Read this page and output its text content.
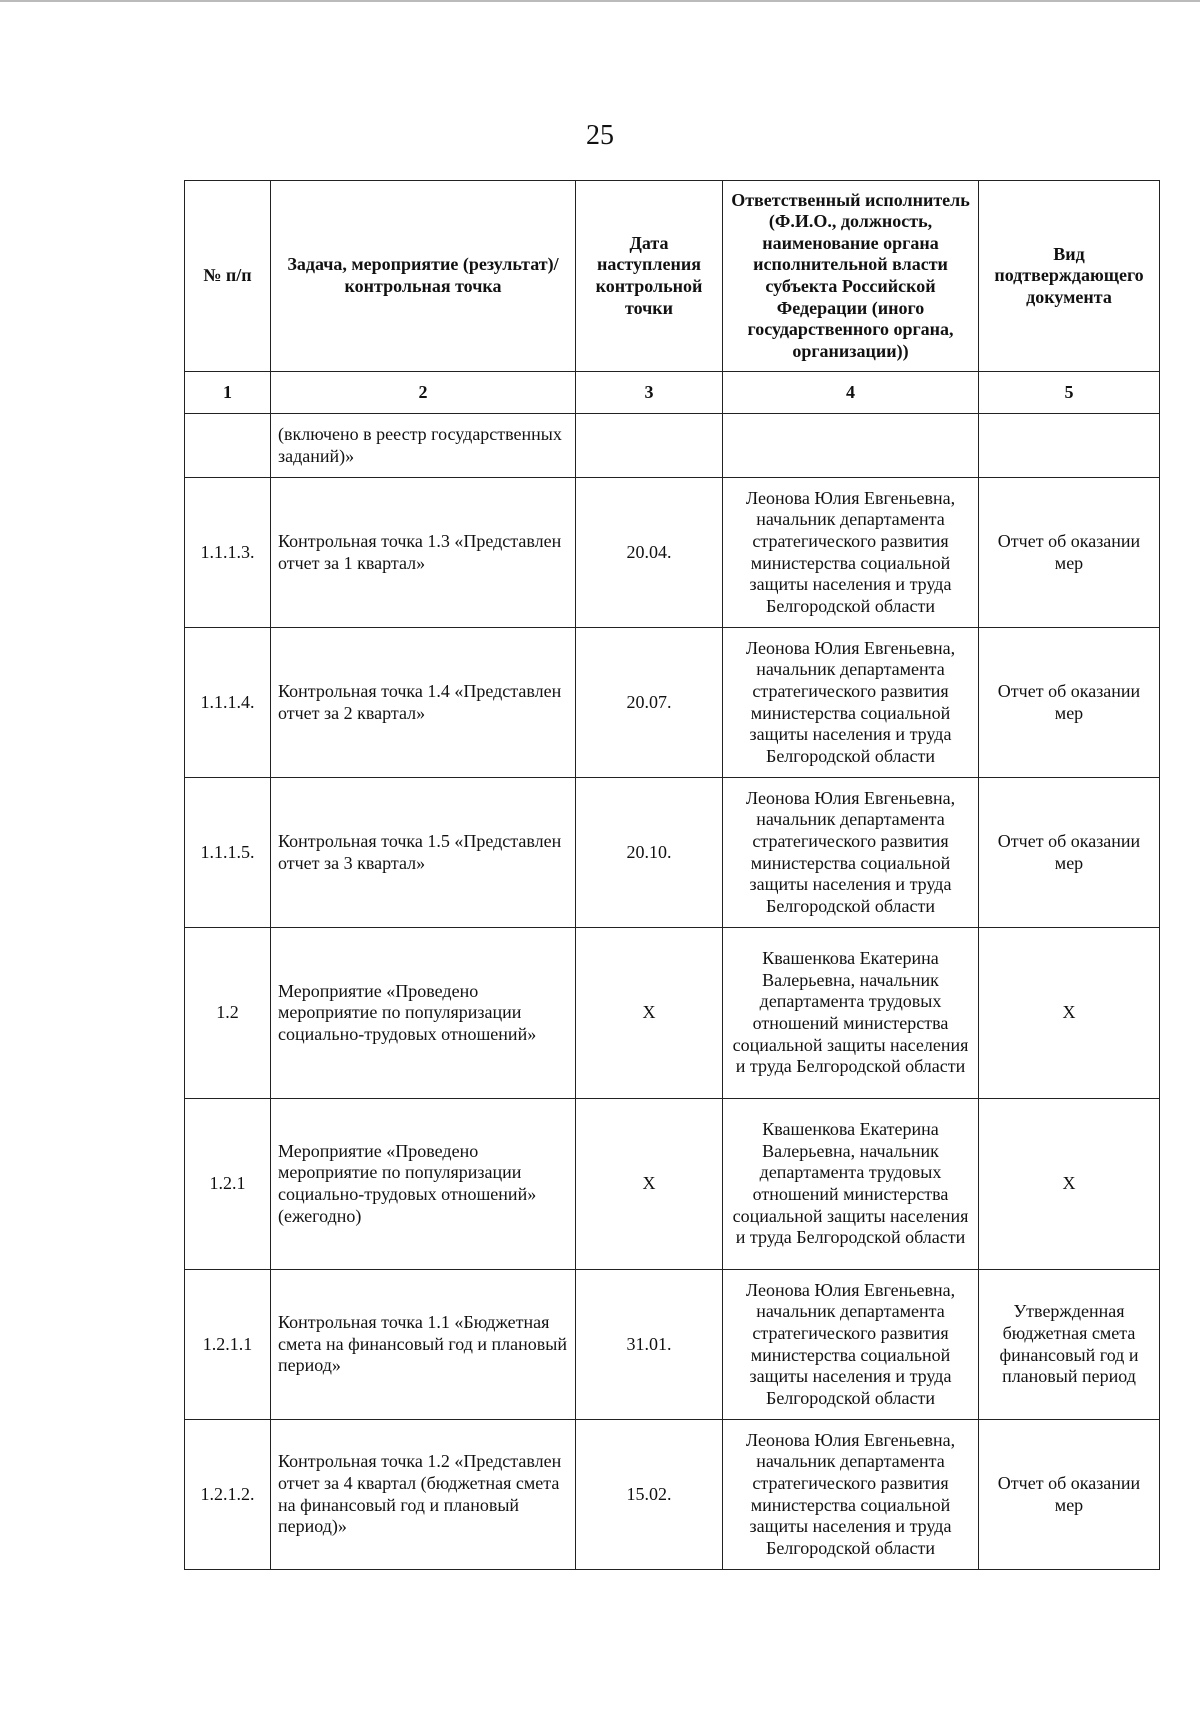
25
№ п/п	Задача, мероприятие (результат)/контрольная точка	Дата наступления контрольной точки	Ответственный исполнитель (Ф.И.О., должность, наименование органа исполнительной власти субъекта Российской Федерации (иного государственного органа, организации))	Вид подтверждающего документа
1	2	3	4	5
	(включено в реестр государственных заданий)»			
1.1.1.3.	Контрольная точка 1.3 «Представлен отчет за 1 квартал»	20.04.	Леонова Юлия Евгеньевна, начальник департамента стратегического развития министерства социальной защиты населения и труда Белгородской области	Отчет об оказании мер
1.1.1.4.	Контрольная точка 1.4 «Представлен отчет за 2 квартал»	20.07.	Леонова Юлия Евгеньевна, начальник департамента стратегического развития министерства социальной защиты населения и труда Белгородской области	Отчет об оказании мер
1.1.1.5.	Контрольная точка 1.5 «Представлен отчет за 3 квартал»	20.10.	Леонова Юлия Евгеньевна, начальник департамента стратегического развития министерства социальной защиты населения и труда Белгородской области	Отчет об оказании мер
1.2	Мероприятие «Проведено мероприятие по популяризации социально-трудовых отношений»	X	Квашенкова Екатерина Валерьевна, начальник департамента трудовых отношений министерства социальной защиты населения и труда Белгородской области	X
1.2.1	Мероприятие «Проведено мероприятие по популяризации социально-трудовых отношений» (ежегодно)	X	Квашенкова Екатерина Валерьевна, начальник департамента трудовых отношений министерства социальной защиты населения и труда Белгородской области	X
1.2.1.1	Контрольная точка 1.1 «Бюджетная смета на финансовый год и плановый период»	31.01.	Леонова Юлия Евгеньевна, начальник департамента стратегического развития министерства социальной защиты населения и труда Белгородской области	Утвержденная бюджетная смета финансовый год и плановый период
1.2.1.2.	Контрольная точка 1.2 «Представлен отчет за 4 квартал (бюджетная смета на финансовый год и плановый период)»	15.02.	Леонова Юлия Евгеньевна, начальник департамента стратегического развития министерства социальной защиты населения и труда Белгородской области	Отчет об оказании мер
